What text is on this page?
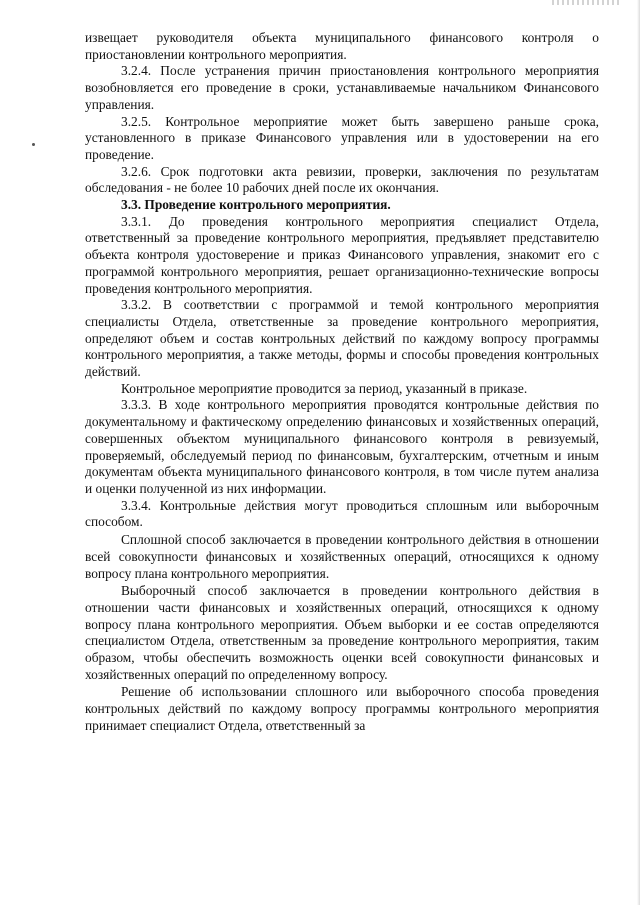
извещает руководителя объекта муниципального финансового контроля о приостановлении контрольного мероприятия.

3.2.4. После устранения причин приостановления контрольного мероприятия возобновляется его проведение в сроки, устанавливаемые начальником Финансового управления.

3.2.5. Контрольное мероприятие может быть завершено раньше срока, установленного в приказе Финансового управления или в удостоверении на его проведение.

3.2.6. Срок подготовки акта ревизии, проверки, заключения по результатам обследования - не более 10 рабочих дней после их окончания.

3.3. Проведение контрольного мероприятия.

3.3.1. До проведения контрольного мероприятия специалист Отдела, ответственный за проведение контрольного мероприятия, предъявляет представителю объекта контроля удостоверение и приказ Финансового управления, знакомит его с программой контрольного мероприятия, решает организационно-технические вопросы проведения контрольного мероприятия.

3.3.2. В соответствии с программой и темой контрольного мероприятия специалисты Отдела, ответственные за проведение контрольного мероприятия, определяют объем и состав контрольных действий по каждому вопросу программы контрольного мероприятия, а также методы, формы и способы проведения контрольных действий.

Контрольное мероприятие проводится за период, указанный в приказе.

3.3.3. В ходе контрольного мероприятия проводятся контрольные действия по документальному и фактическому определению финансовых и хозяйственных операций, совершенных объектом муниципального финансового контроля в ревизуемый, проверяемый, обследуемый период по финансовым, бухгалтерским, отчетным и иным документам объекта муниципального финансового контроля, в том числе путем анализа и оценки полученной из них информации.

3.3.4. Контрольные действия могут проводиться сплошным или выборочным способом.

Сплошной способ заключается в проведении контрольного действия в отношении всей совокупности финансовых и хозяйственных операций, относящихся к одному вопросу плана контрольного мероприятия.

Выборочный способ заключается в проведении контрольного действия в отношении части финансовых и хозяйственных операций, относящихся к одному вопросу плана контрольного мероприятия. Объем выборки и ее состав определяются специалистом Отдела, ответственным за проведение контрольного мероприятия, таким образом, чтобы обеспечить возможность оценки всей совокупности финансовых и хозяйственных операций по определенному вопросу.

Решение об использовании сплошного или выборочного способа проведения контрольных действий по каждому вопросу программы контрольного мероприятия принимает специалист Отдела, ответственный за
